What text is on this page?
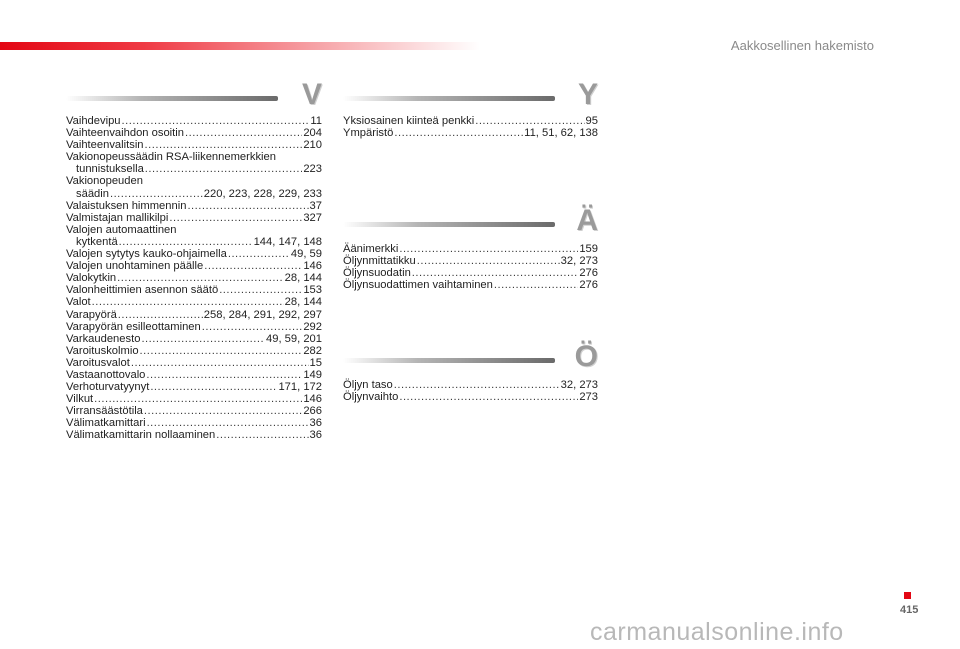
Aakkosellinen hakemisto
V
Vaihdevipu .....	11
Vaihteenvaihdon osoitin .....	204
Vaihteenvalitsin .....	210
Vakionopeussäädin RSA-liikennemerkkien
tunnistuksella .....	223
Vakionopeuden
säädin .....	220, 223, 228, 229, 233
Valaistuksen himmennin .....	37
Valmistajan mallikilpi .....	327
Valojen automaattinen
kytkentä .....	144, 147, 148
Valojen sytytys kauko-ohjaimella .....	49, 59
Valojen unohtaminen päälle .....	146
Valokytkin .....	28, 144
Valonheittimien asennon säätö .....	153
Valot .....	28, 144
Varapyörä .....	258, 284, 291, 292, 297
Varapyörän esilleottaminen .....	292
Varkaudenesto .....	49, 59, 201
Varoituskolmio .....	282
Varoitusvalot .....	15
Vastaanottovalo .....	149
Verhoturvatyynyt .....	171, 172
Vilkut .....	146
Virransäästötila .....	266
Välimatkamittari .....	36
Välimatkamittarin nollaaminen .....	36
Y
Yksiosainen kiinteä penkki .....	95
Ympäristö .....	11, 51, 62, 138
Ä
Äänimerkki .....	159
Öljynmittatikku .....	32, 273
Öljynsuodatin .....	276
Öljynsuodattimen vaihtaminen .....	276
Ö
Öljyn taso .....	32, 273
Öljynvaihto .....	273
415
carmanualsonline.info
